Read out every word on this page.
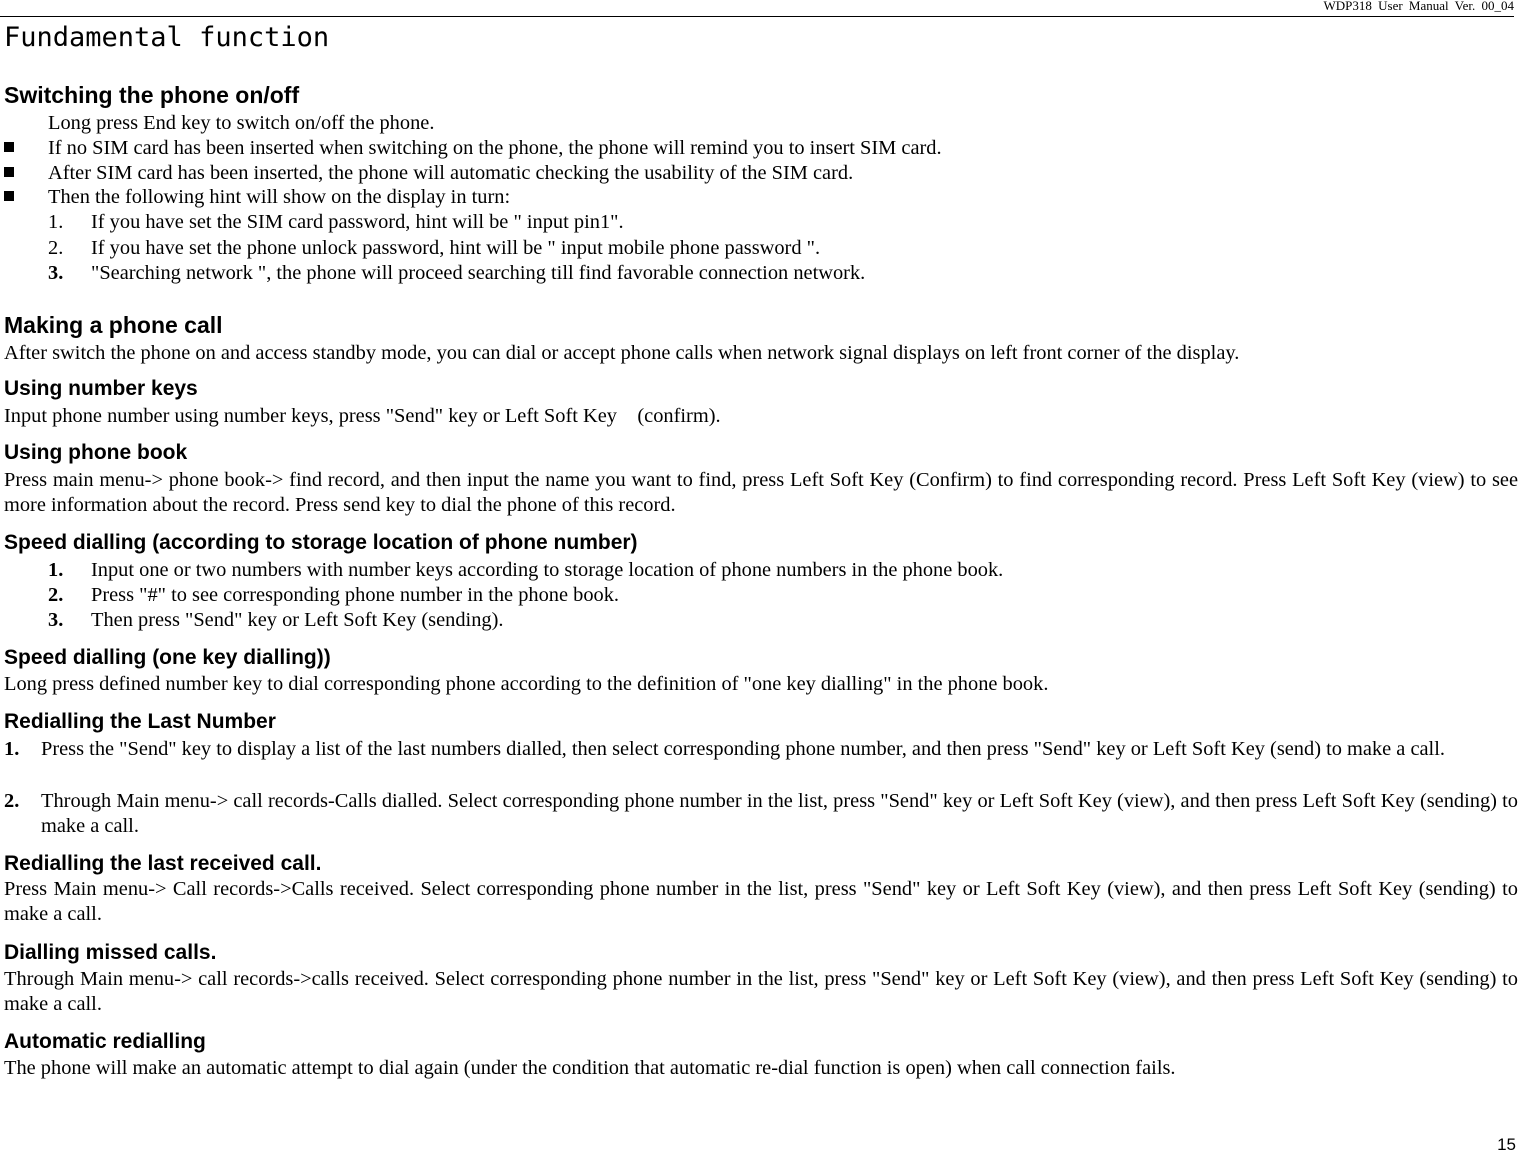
WDP318 User Manual Ver. 00_04
Fundamental function
Switching the phone on/off
Long press End key to switch on/off the phone.
If no SIM card has been inserted when switching on the phone, the phone will remind you to insert SIM card.
After SIM card has been inserted, the phone will automatic checking the usability of the SIM card.
Then the following hint will show on the display in turn:
1. If you have set the SIM card password, hint will be " input pin1".
2. If you have set the phone unlock password, hint will be " input mobile phone password ".
3. "Searching network ", the phone will proceed searching till find favorable connection network.
Making a phone call
After switch the phone on and access standby mode, you can dial or accept phone calls when network signal displays on left front corner of the display.
Using number keys
Input phone number using number keys, press "Send" key or Left Soft Key    (confirm).
Using phone book
Press main menu-> phone book-> find record, and then input the name you want to find, press Left Soft Key (Confirm) to find corresponding record. Press Left Soft Key (view) to see more information about the record. Press send key to dial the phone of this record.
Speed dialling (according to storage location of phone number)
1. Input one or two numbers with number keys according to storage location of phone numbers in the phone book.
2. Press "#" to see corresponding phone number in the phone book.
3. Then press "Send" key or Left Soft Key (sending).
Speed dialling (one key dialling))
Long press defined number key to dial corresponding phone according to the definition of "one key dialling" in the phone book.
Redialling the Last Number
1. Press the "Send" key to display a list of the last numbers dialled, then select corresponding phone number, and then press "Send" key or Left Soft Key (send) to make a call.
2. Through Main menu-> call records-Calls dialled. Select corresponding phone number in the list, press "Send" key or Left Soft Key (view), and then press Left Soft Key (sending) to make a call.
Redialling the last received call.
Press Main menu-> Call records->Calls received. Select corresponding phone number in the list, press "Send" key or Left Soft Key (view), and then press Left Soft Key (sending) to make a call.
Dialling missed calls.
Through Main menu-> call records->calls received. Select corresponding phone number in the list, press "Send" key or Left Soft Key (view), and then press Left Soft Key (sending) to make a call.
Automatic redialling
The phone will make an automatic attempt to dial again (under the condition that automatic re-dial function is open) when call connection fails.
15
